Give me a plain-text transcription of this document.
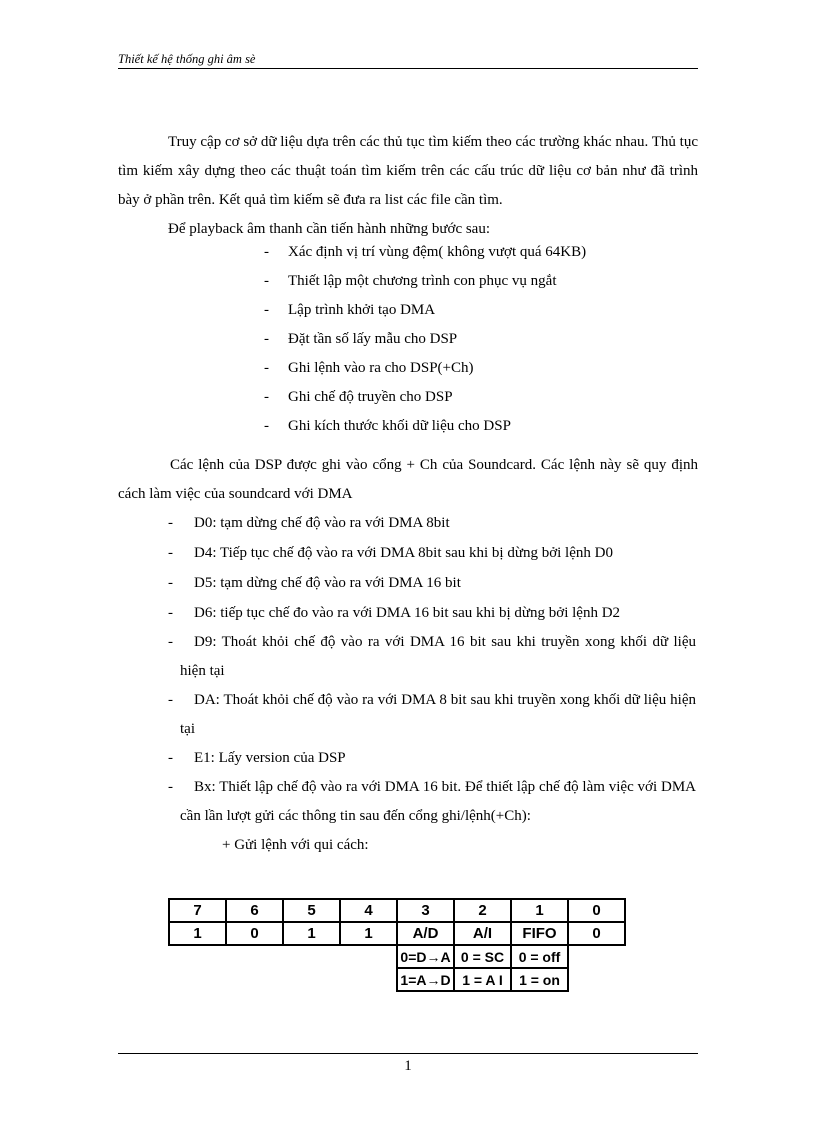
Thiết kế hệ thống ghi âm sè

Truy cập cơ sở dữ liệu dựa trên các thủ tục tìm kiếm theo các trường khác nhau. Thủ tục tìm kiếm xây dựng theo các thuật toán tìm kiếm trên các cấu trúc dữ liệu cơ bản như đã trình bày ở phần trên. Kết quả tìm kiếm sẽ đưa ra list các file cần tìm.

Để playback âm thanh cần tiến hành những bước sau:

- Xác định vị trí vùng đệm( không vượt quá 64KB)
- Thiết lập một chương trình con phục vụ ngắt
- Lập trình khởi tạo DMA
- Đặt tần số lấy mẫu cho DSP
- Ghi lệnh vào ra cho DSP(+Ch)
- Ghi chế độ truyền cho DSP
- Ghi kích thước khối dữ liệu cho DSP

Các lệnh của DSP được ghi vào cổng + Ch của Soundcard. Các lệnh này sẽ quy định cách làm việc của soundcard với DMA

-	D0: tạm dừng chế độ vào ra với DMA 8bit
-	D4: Tiếp tục chế độ vào ra với DMA 8bit sau khi bị dừng bởi lệnh D0
-	D5: tạm dừng chế độ vào ra với DMA 16 bit
-	D6: tiếp tục chế đo vào ra với DMA 16 bit sau khi bị dừng bởi lệnh D2
-	D9: Thoát khỏi chế độ vào ra với DMA 16 bit sau khi truyền xong khối dữ liệu hiện tại
-	DA: Thoát khỏi chế độ vào ra với DMA 8 bit sau khi truyền xong khối dữ liệu hiện tại
-	E1: Lấy version của DSP
-	Bx: Thiết lập chế độ vào ra với DMA 16 bit. Để thiết lập chế độ làm việc với DMA cần lần lượt gửi các thông tin sau đến cổng ghi/lệnh(+Ch):
+ Gửi lệnh với qui cách:
7	6	5	4	3	2	1	0
1	0	1	1	A/D	A/I	FIFO	0
				0=D→A	0 = SC	0 = off	
				1=A→D	1 = A I	1 = on	
1
